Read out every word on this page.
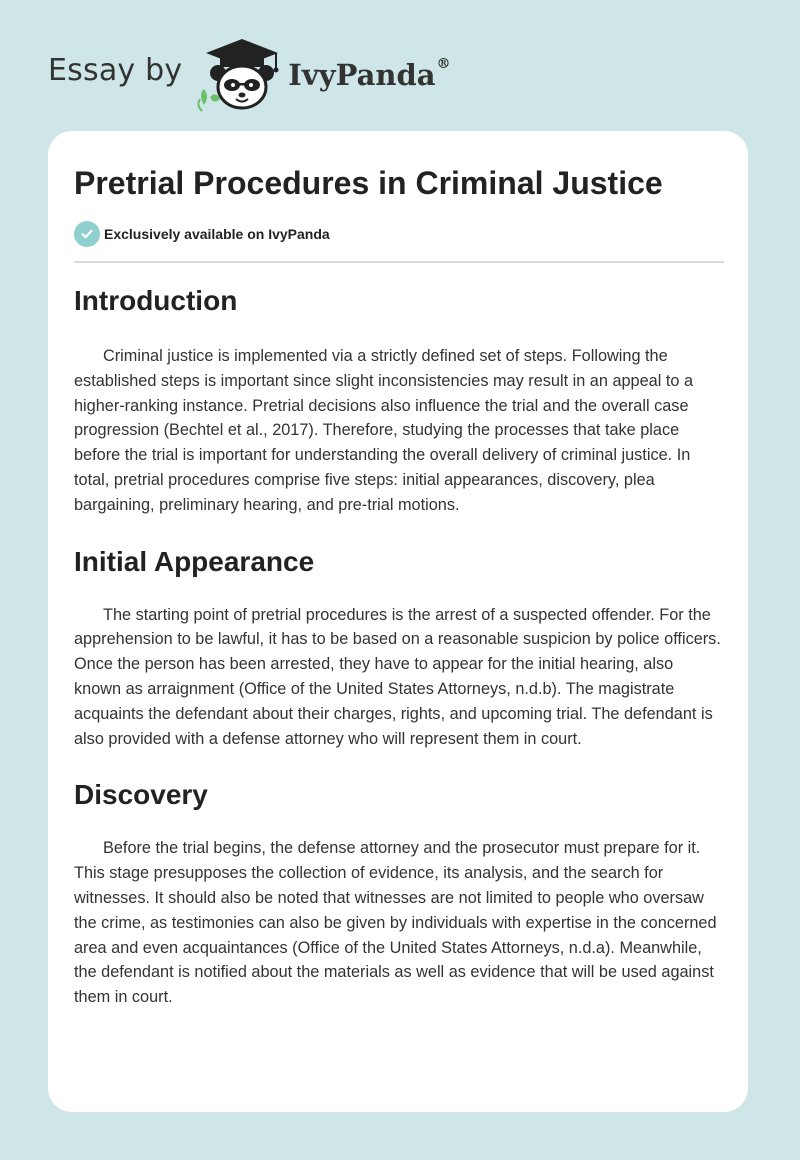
Essay by	IvyPanda®
Pretrial Procedures in Criminal Justice
Exclusively available on IvyPanda
Introduction

Criminal justice is implemented via a strictly defined set of steps. Following the established steps is important since slight inconsistencies may result in an appeal to a higher-ranking instance. Pretrial decisions also influence the trial and the overall case progression (Bechtel et al., 2017). Therefore, studying the processes that take place before the trial is important for understanding the overall delivery of criminal justice. In total, pretrial procedures comprise five steps: initial appearances, discovery, plea bargaining, preliminary hearing, and pre-trial motions.

Initial Appearance

The starting point of pretrial procedures is the arrest of a suspected offender. For the apprehension to be lawful, it has to be based on a reasonable suspicion by police officers. Once the person has been arrested, they have to appear for the initial hearing, also known as arraignment (Office of the United States Attorneys, n.d.b). The magistrate acquaints the defendant about their charges, rights, and upcoming trial. The defendant is also provided with a defense attorney who will represent them in court.

Discovery

Before the trial begins, the defense attorney and the prosecutor must prepare for it. This stage presupposes the collection of evidence, its analysis, and the search for witnesses. It should also be noted that witnesses are not limited to people who oversaw the crime, as testimonies can also be given by individuals with expertise in the concerned area and even acquaintances (Office of the United States Attorneys, n.d.a). Meanwhile, the defendant is notified about the materials as well as evidence that will be used against them in court.
